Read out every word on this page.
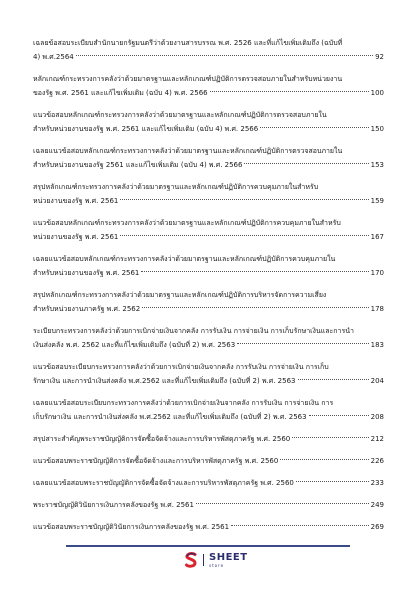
เฉลยข้อสอบระเบียบสำนักนายกรัฐมนตรีว่าด้วยงานสารบรรณ พ.ศ. 2526 และที่แก้ไขเพิ่มเติมถึง (ฉบับที่
4) พ.ศ.2564	92
หลักเกณฑ์กระทรวงการคลังว่าด้วยมาตรฐานและหลักเกณฑ์ปฏิบัติการตรวจสอบภายในสำหรับหน่วยงาน
ของรัฐ พ.ศ. 2561 และแก้ไขเพิ่มเติม (ฉบับ 4) พ.ศ. 2566	100
แนวข้อสอบหลักเกณฑ์กระทรวงการคลังว่าด้วยมาตรฐานและหลักเกณฑ์ปฏิบัติการตรวจสอบภายใน
สำหรับหน่วยงานของรัฐ พ.ศ. 2561 และแก้ไขเพิ่มเติม (ฉบับ 4) พ.ศ. 2566	150
เฉลยแนวข้อสอบหลักเกณฑ์กระทรวงการคลังว่าด้วยมาตรฐานและหลักเกณฑ์ปฏิบัติการตรวจสอบภายใน
สำหรับหน่วยงานของรัฐ 2561 และแก้ไขเพิ่มเติม (ฉบับ 4) พ.ศ. 2566	153
สรุปหลักเกณฑ์กระทรวงการคลังว่าด้วยมาตรฐานและหลักเกณฑ์ปฏิบัติการควบคุมภายในสำหรับ
หน่วยงานของรัฐ พ.ศ. 2561	159
แนวข้อสอบหลักเกณฑ์กระทรวงการคลังว่าด้วยมาตรฐานและหลักเกณฑ์ปฏิบัติการควบคุมภายในสำหรับ
หน่วยงานของรัฐ พ.ศ. 2561	167
เฉลยแนวข้อสอบหลักเกณฑ์กระทรวงการคลังว่าด้วยมาตรฐานและหลักเกณฑ์ปฏิบัติการควบคุมภายใน
สำหรับหน่วยงานของรัฐ พ.ศ. 2561	170
สรุปหลักเกณฑ์กระทรวงการคลังว่าด้วยมาตรฐานและหลักเกณฑ์ปฏิบัติการบริหารจัดการความเสี่ยง
สำหรับหน่วยงานภาครัฐ พ.ศ. 2562	178
ระเบียบกระทรวงการคลังว่าด้วยการเบิกจ่ายเงินจากคลัง การรับเงิน การจ่ายเงิน การเก็บรักษาเงินและการนำ
เงินส่งคลัง พ.ศ. 2562 และที่แก้ไขเพิ่มเติมถึง (ฉบับที่ 2) พ.ศ. 2563	183
แนวข้อสอบระเบียบกระทรวงการคลังว่าด้วยการเบิกจ่ายเงินจากคลัง การรับเงิน การจ่ายเงิน การเก็บ
รักษาเงิน และการนำเงินส่งคลัง พ.ศ.2562 และที่แก้ไขเพิ่มเติมถึง (ฉบับที่ 2) พ.ศ. 2563	204
เฉลยแนวข้อสอบระเบียบกระทรวงการคลังว่าด้วยการเบิกจ่ายเงินจากคลัง การรับเงิน การจ่ายเงิน การ
เก็บรักษาเงิน และการนำเงินส่งคลัง พ.ศ.2562 และที่แก้ไขเพิ่มเติมถึง (ฉบับที่ 2) พ.ศ. 2563	208
สรุปสาระสำคัญพระราชบัญญัติการจัดซื้อจัดจ้างและการบริหารพัสดุภาครัฐ พ.ศ. 2560	212
แนวข้อสอบพระราชบัญญัติการจัดซื้อจัดจ้างและการบริหารพัสดุภาครัฐ พ.ศ. 2560	226
เฉลยแนวข้อสอบพระราชบัญญัติการจัดซื้อจัดจ้างและการบริหารพัสดุภาครัฐ พ.ศ. 2560	233
พระราชบัญญัติวินัยการเงินการคลังของรัฐ พ.ศ. 2561	249
แนวข้อสอบพระราชบัญญัติวินัยการเงินการคลังของรัฐ พ.ศ. 2561	269
SHEET
store
